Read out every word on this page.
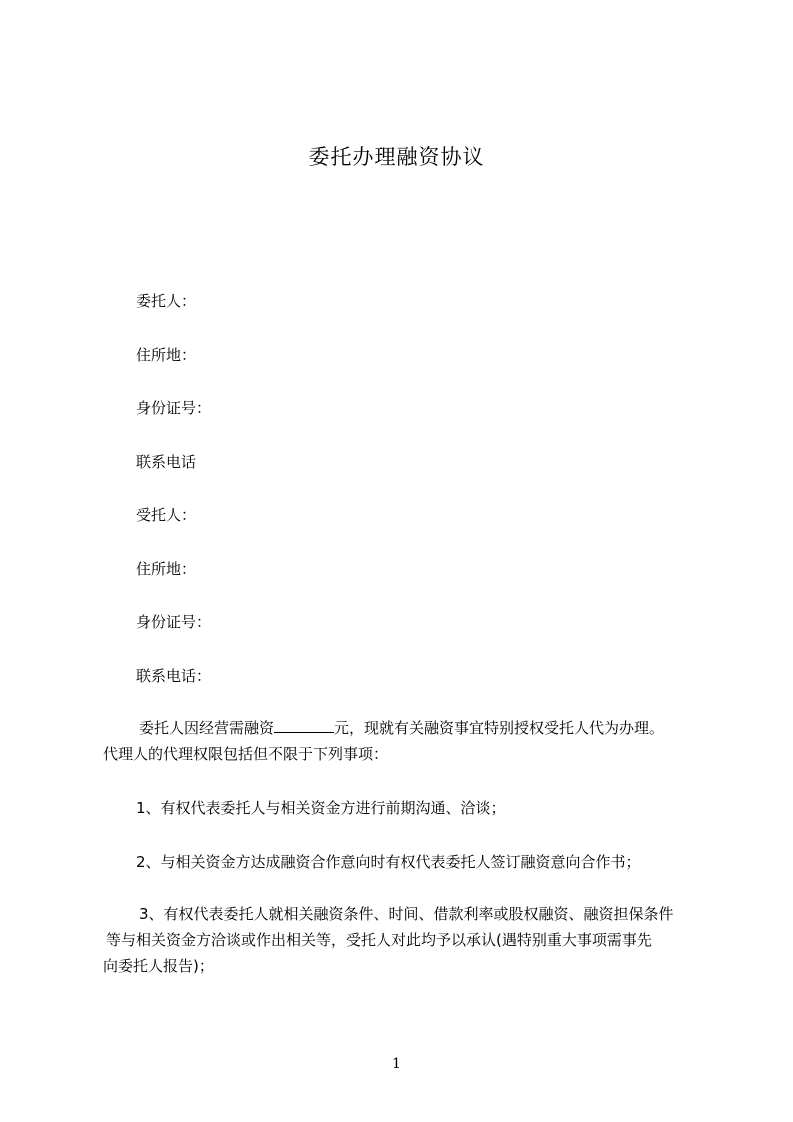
委托办理融资协议
委托人：
住所地：
身份证号：
联系电话
受托人：
住所地：
身份证号：
联系电话：
委托人因经营需融资	元，现就有关融资事宜特别授权受托人代为办理。
代理人的代理权限包括但不限于下列事项：
1、有权代表委托人与相关资金方进行前期沟通、洽谈；
2、与相关资金方达成融资合作意向时有权代表委托人签订融资意向合作书；
3、有权代表委托人就相关融资条件、时间、借款利率或股权融资、融资担保条件
等与相关资金方洽谈或作出相关等，受托人对此均予以承认(遇特别重大事项需事先
向委托人报告)；
1
